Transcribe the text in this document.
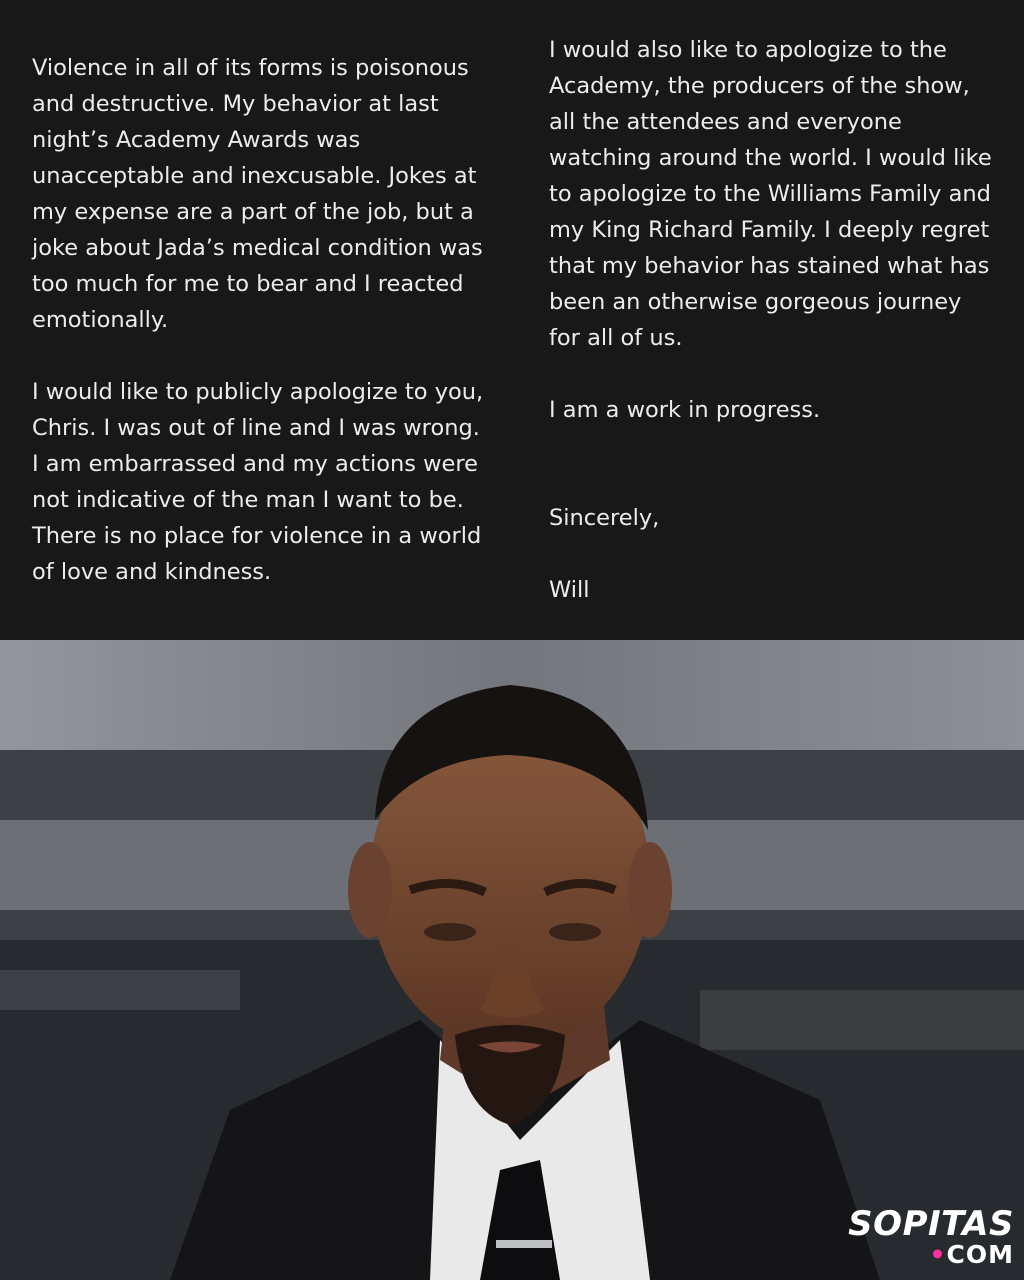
Violence in all of its forms is poisonous

and destructive. My behavior at last

night’s Academy Awards was

unacceptable and inexcusable. Jokes at

my expense are a part of the job, but a

joke about Jada’s medical condition was

too much for me to bear and I reacted

emotionally.

I would like to publicly apologize to you,

Chris. I was out of line and I was wrong.

I am embarrassed and my actions were

not indicative of the man I want to be.

There is no place for violence in a world

of love and kindness.

I would also like to apologize to the

Academy, the producers of the show,

all the attendees and everyone

watching around the world. I would like

to apologize to the Williams Family and

my King Richard Family. I deeply regret

that my behavior has stained what has

been an otherwise gorgeous journey

for all of us.

I am a work in progress.

Sincerely,

Will

SOPITAS
•COM
